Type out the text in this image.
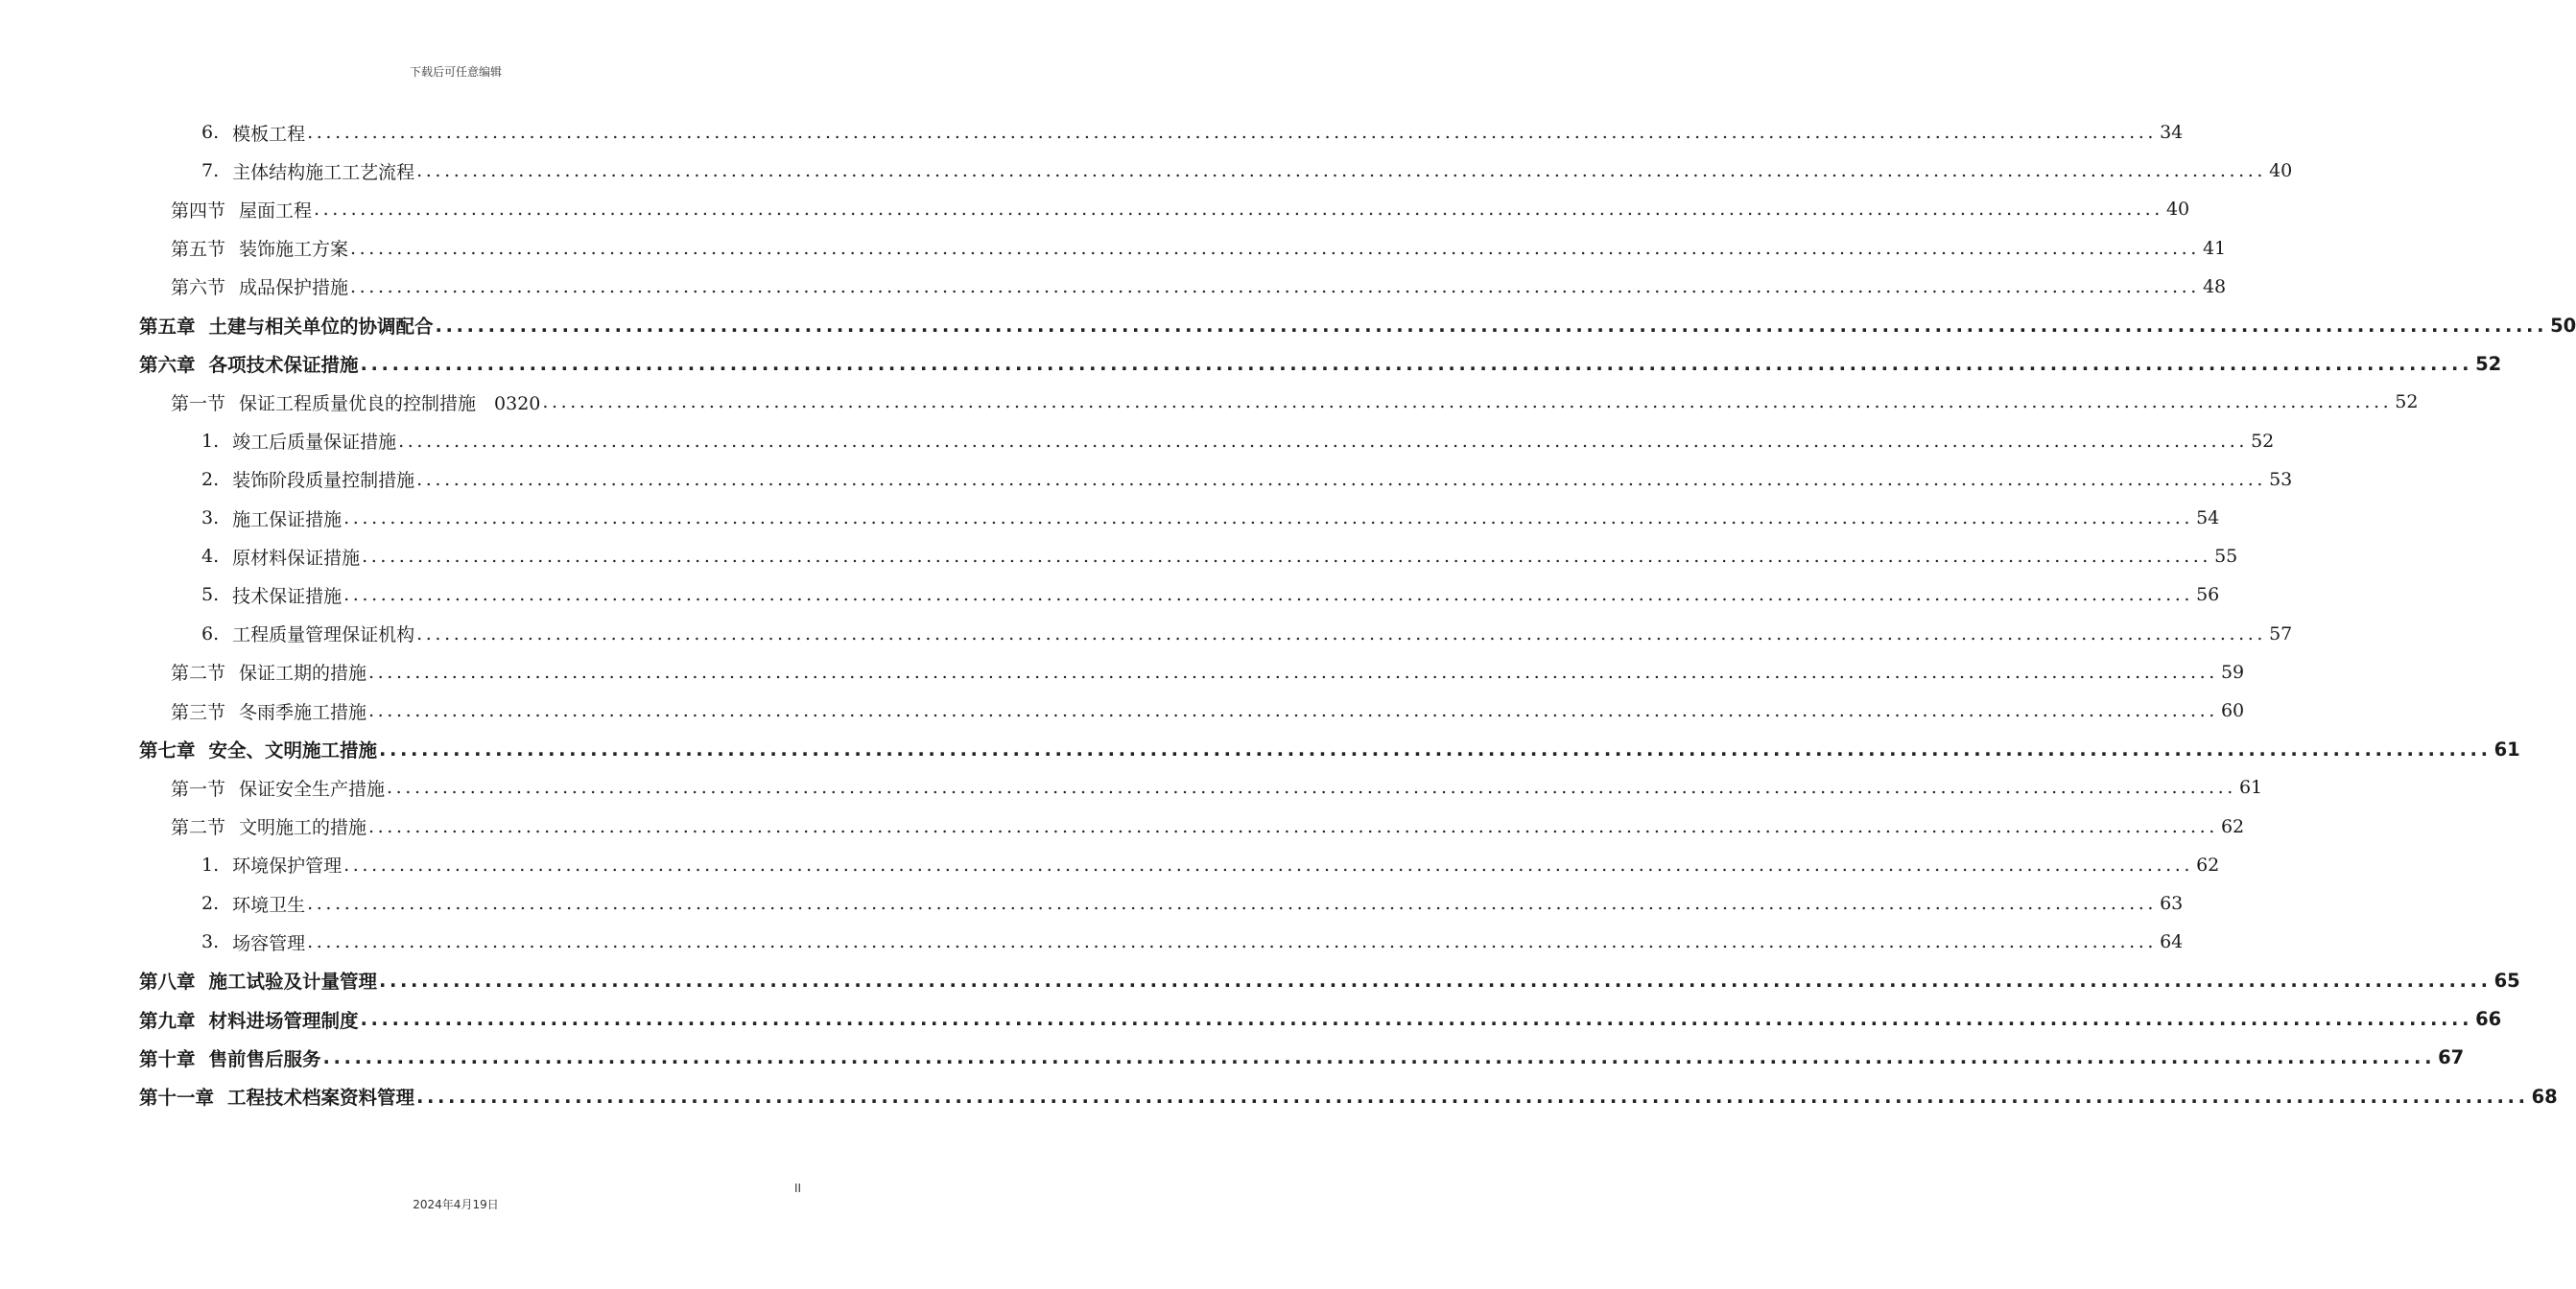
下载后可任意编辑
6. 模板工程 ........................................................................................................................................................................................................ 34
7. 主体结构施工工艺流程 ........................................................................................................................................................................................................ 40
第四节 屋面工程 ........................................................................................................................................................................................................ 40
第五节 装饰施工方案 ........................................................................................................................................................................................................ 41
第六节 成品保护措施 ........................................................................................................................................................................................................ 48
第五章 土建与相关单位的协调配合 ........................................................................................................................................................................................................ 50
第六章 各项技术保证措施 ........................................................................................................................................................................................................ 52
第一节 保证工程质量优良的控制措施　0320 ........................................................................................................................................................................................................ 52
1. 竣工后质量保证措施 ........................................................................................................................................................................................................ 52
2. 装饰阶段质量控制措施 ........................................................................................................................................................................................................ 53
3. 施工保证措施 ........................................................................................................................................................................................................ 54
4. 原材料保证措施 ........................................................................................................................................................................................................ 55
5. 技术保证措施 ........................................................................................................................................................................................................ 56
6. 工程质量管理保证机构 ........................................................................................................................................................................................................ 57
第二节 保证工期的措施 ........................................................................................................................................................................................................ 59
第三节 冬雨季施工措施 ........................................................................................................................................................................................................ 60
第七章 安全、文明施工措施 ........................................................................................................................................................................................................ 61
第一节 保证安全生产措施 ........................................................................................................................................................................................................ 61
第二节 文明施工的措施 ........................................................................................................................................................................................................ 62
1. 环境保护管理 ........................................................................................................................................................................................................ 62
2. 环境卫生 ........................................................................................................................................................................................................ 63
3. 场容管理 ........................................................................................................................................................................................................ 64
第八章 施工试验及计量管理 ........................................................................................................................................................................................................ 65
第九章 材料进场管理制度 ........................................................................................................................................................................................................ 66
第十章 售前售后服务 ........................................................................................................................................................................................................ 67
第十一章 工程技术档案资料管理 ........................................................................................................................................................................................................ 68
II
2024年4月19日
